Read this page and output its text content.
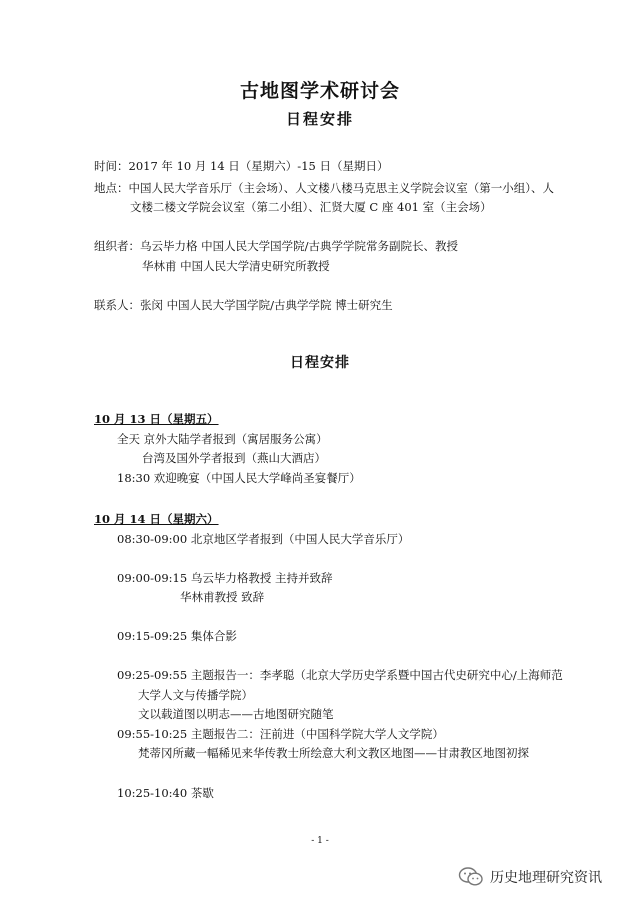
古地图学术研讨会
日程安排
时间：2017 年 10 月 14 日（星期六）-15 日（星期日）
地点：中国人民大学音乐厅（主会场）、人文楼八楼马克思主义学院会议室（第一小组）、人
文楼二楼文学院会议室（第二小组）、汇贤大厦 C 座 401 室（主会场）
组织者：乌云毕力格 中国人民大学国学院/古典学学院常务副院长、教授
华林甫 中国人民大学清史研究所教授
联系人：张闵 中国人民大学国学院/古典学学院 博士研究生
日程安排
10 月 13 日（星期五）
全天 京外大陆学者报到（寓居服务公寓）
台湾及国外学者报到（燕山大酒店）
18:30 欢迎晚宴（中国人民大学峰尚圣宴餐厅）
10 月 14 日（星期六）
08:30-09:00 北京地区学者报到（中国人民大学音乐厅）
09:00-09:15 乌云毕力格教授 主持并致辞
华林甫教授 致辞
09:15-09:25 集体合影
09:25-09:55 主题报告一：李孝聪（北京大学历史学系暨中国古代史研究中心/上海师范
大学人文与传播学院）
文以载道图以明志——古地图研究随笔
09:55-10:25 主题报告二：汪前进（中国科学院大学人文学院）
梵蒂冈所藏一幅稀见来华传教士所绘意大利文教区地图——甘肃教区地图初探
10:25-10:40 茶歇
- 1 -
历史地理研究资讯
